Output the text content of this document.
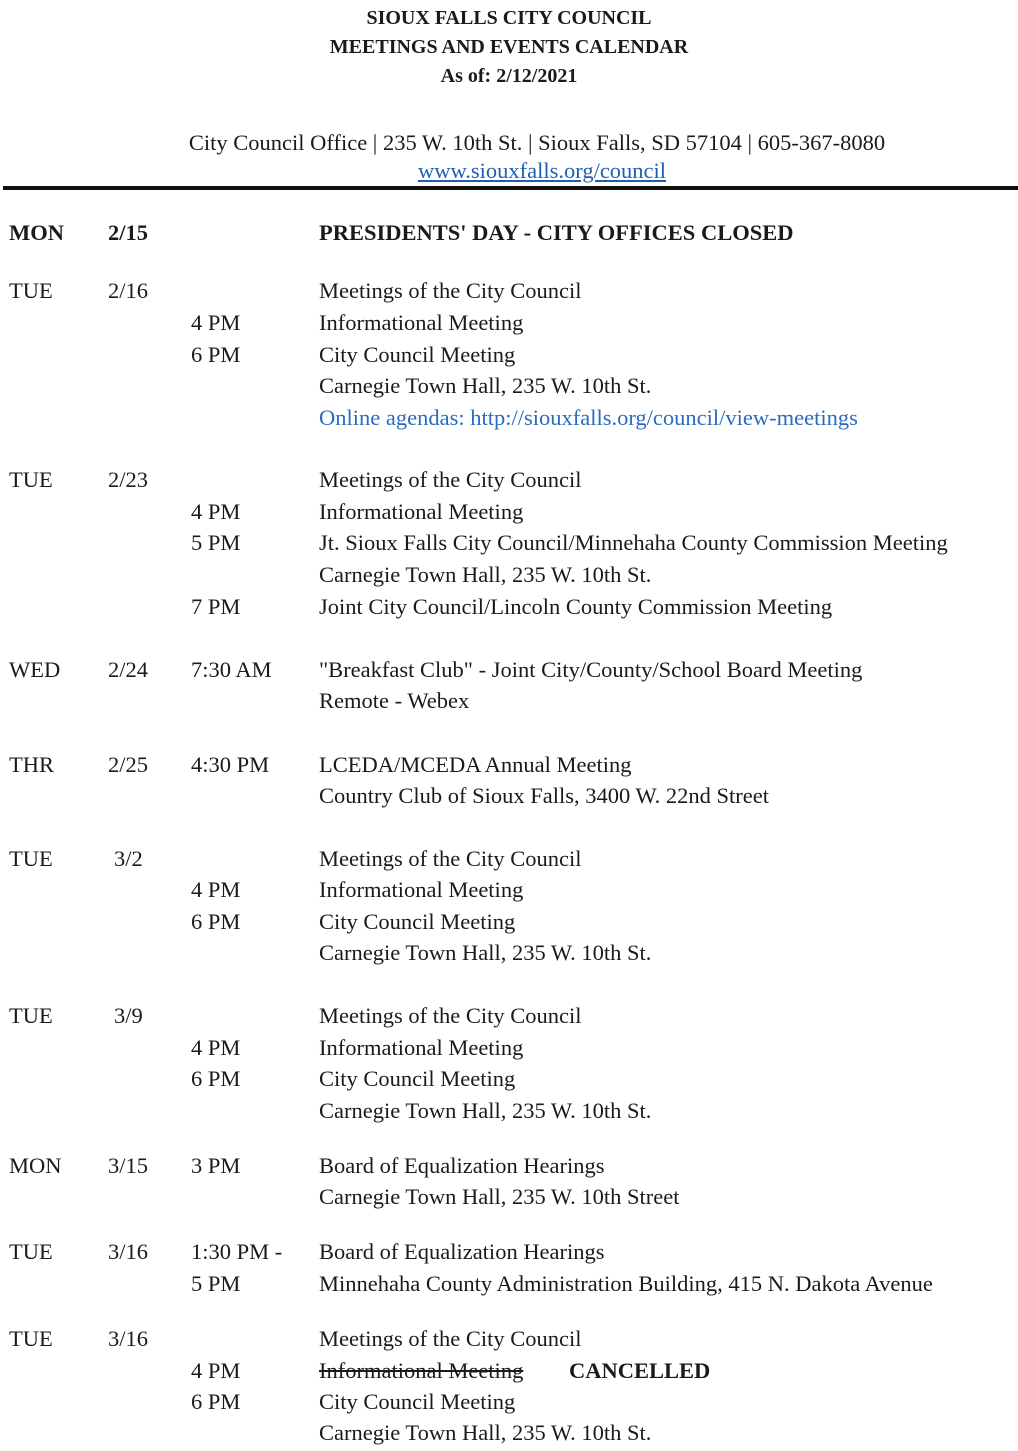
SIOUX FALLS CITY COUNCIL
MEETINGS AND EVENTS CALENDAR
As of: 2/12/2021
City Council Office | 235 W. 10th St. | Sioux Falls, SD 57104 | 605-367-8080
www.siouxfalls.org/council
MON 2/15	PRESIDENTS' DAY - CITY OFFICES CLOSED
TUE 2/16	Meetings of the City Council
4 PM	Informational Meeting
6 PM	City Council Meeting
Carnegie Town Hall, 235 W. 10th St.
Online agendas: http://siouxfalls.org/council/view-meetings
TUE 2/23	Meetings of the City Council
4 PM	Informational Meeting
5 PM	Jt. Sioux Falls City Council/Minnehaha County Commission Meeting
Carnegie Town Hall, 235 W. 10th St.
7 PM	Joint City Council/Lincoln County Commission Meeting
WED 2/24 7:30 AM "Breakfast Club" - Joint City/County/School Board Meeting
Remote - Webex
THR 2/25 4:30 PM LCEDA/MCEDA Annual Meeting
Country Club of Sioux Falls, 3400 W. 22nd Street
TUE	3/2	Meetings of the City Council
4 PM	Informational Meeting
6 PM	City Council Meeting
Carnegie Town Hall, 235 W. 10th St.
TUE	3/9	Meetings of the City Council
4 PM	Informational Meeting
6 PM	City Council Meeting
Carnegie Town Hall, 235 W. 10th St.
MON 3/15 3 PM	Board of Equalization Hearings
Carnegie Town Hall, 235 W. 10th Street
TUE 3/16 1:30 PM - Board of Equalization Hearings
5 PM	Minnehaha County Administration Building, 415 N. Dakota Avenue
TUE 3/16	Meetings of the City Council
4 PM	Informational Meeting CANCELLED
6 PM	City Council Meeting
Carnegie Town Hall, 235 W. 10th St.
